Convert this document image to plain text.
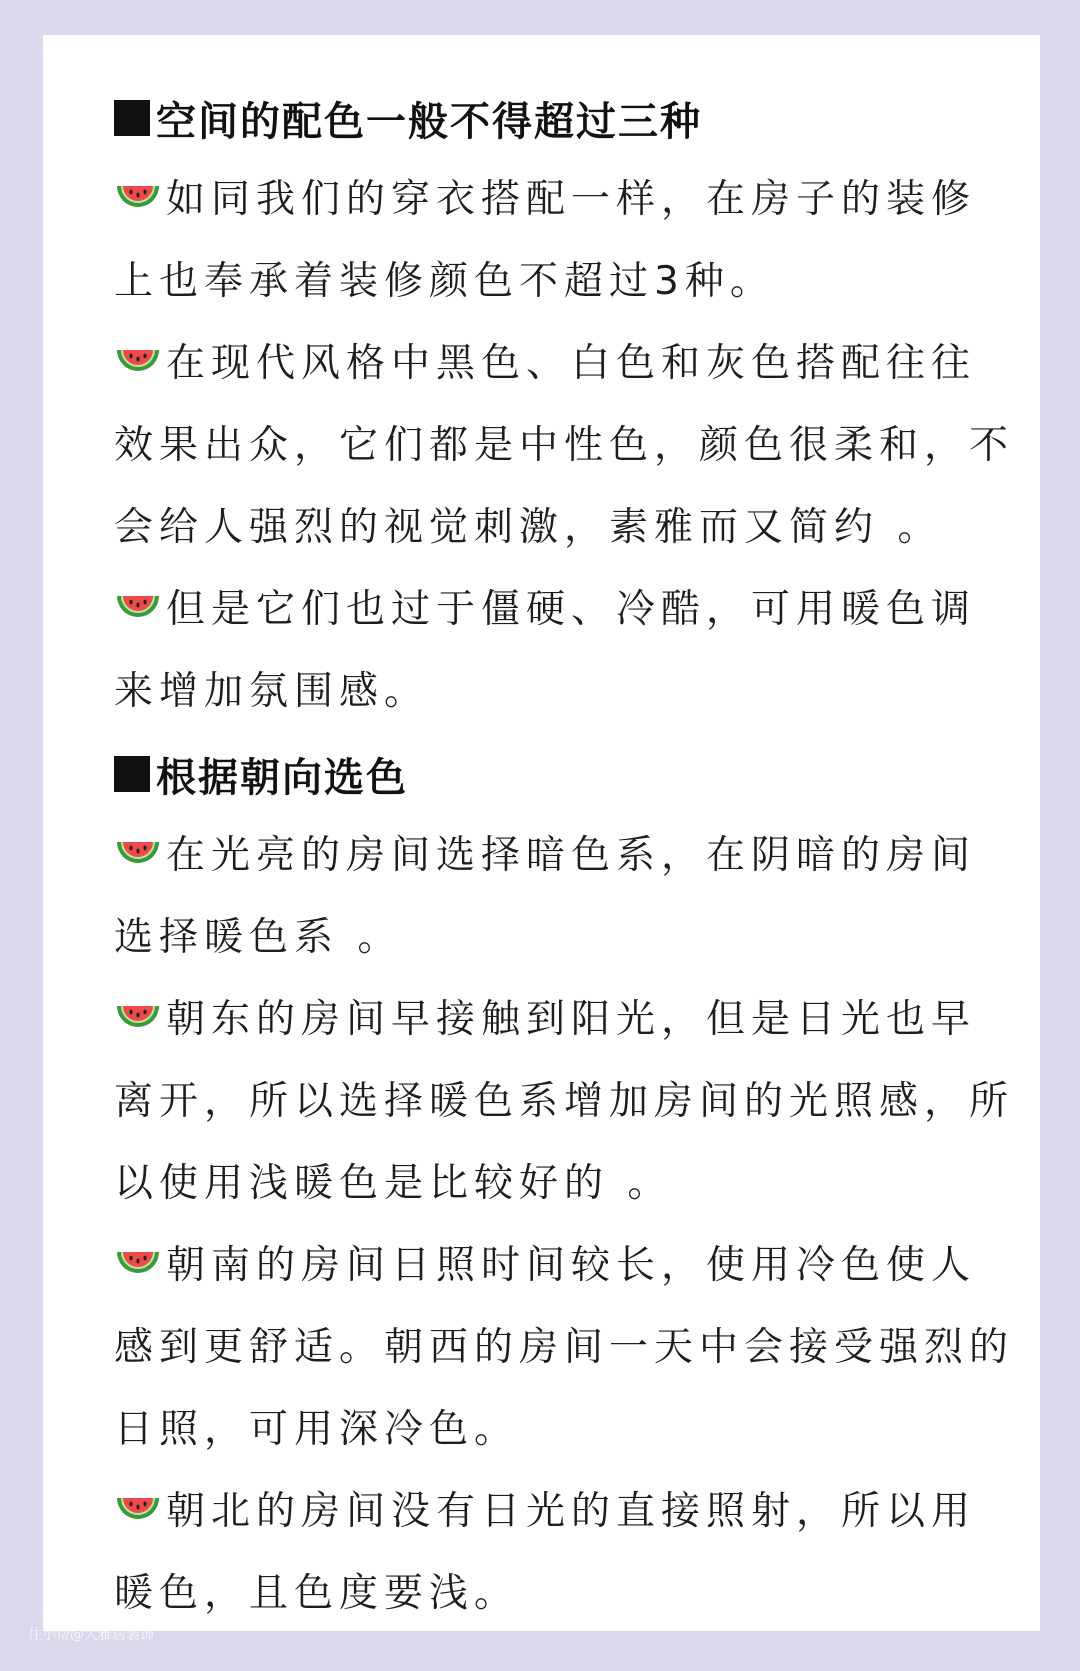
空间的配色一般不得超过三种

如同我们的穿衣搭配一样，在房子的装修上也奉承着装修颜色不超过3种。

在现代风格中黑色、白色和灰色搭配往往效果出众，它们都是中性色，颜色很柔和，不会给人强烈的视觉刺激，素雅而又简约 。

但是它们也过于僵硬、冷酷，可用暖色调来增加氛围感。

根据朝向选色

在光亮的房间选择暗色系，在阴暗的房间选择暖色系 。

朝东的房间早接触到阳光，但是日光也早离开，所以选择暖色系增加房间的光照感，所以使用浅暖色是比较好的 。

朝南的房间日照时间较长，使用冷色使人感到更舒适。朝西的房间一天中会接受强烈的日照，可用深冷色。

朝北的房间没有日光的直接照射，所以用暖色，且色度要浅。

住小帮@大雅居装饰
